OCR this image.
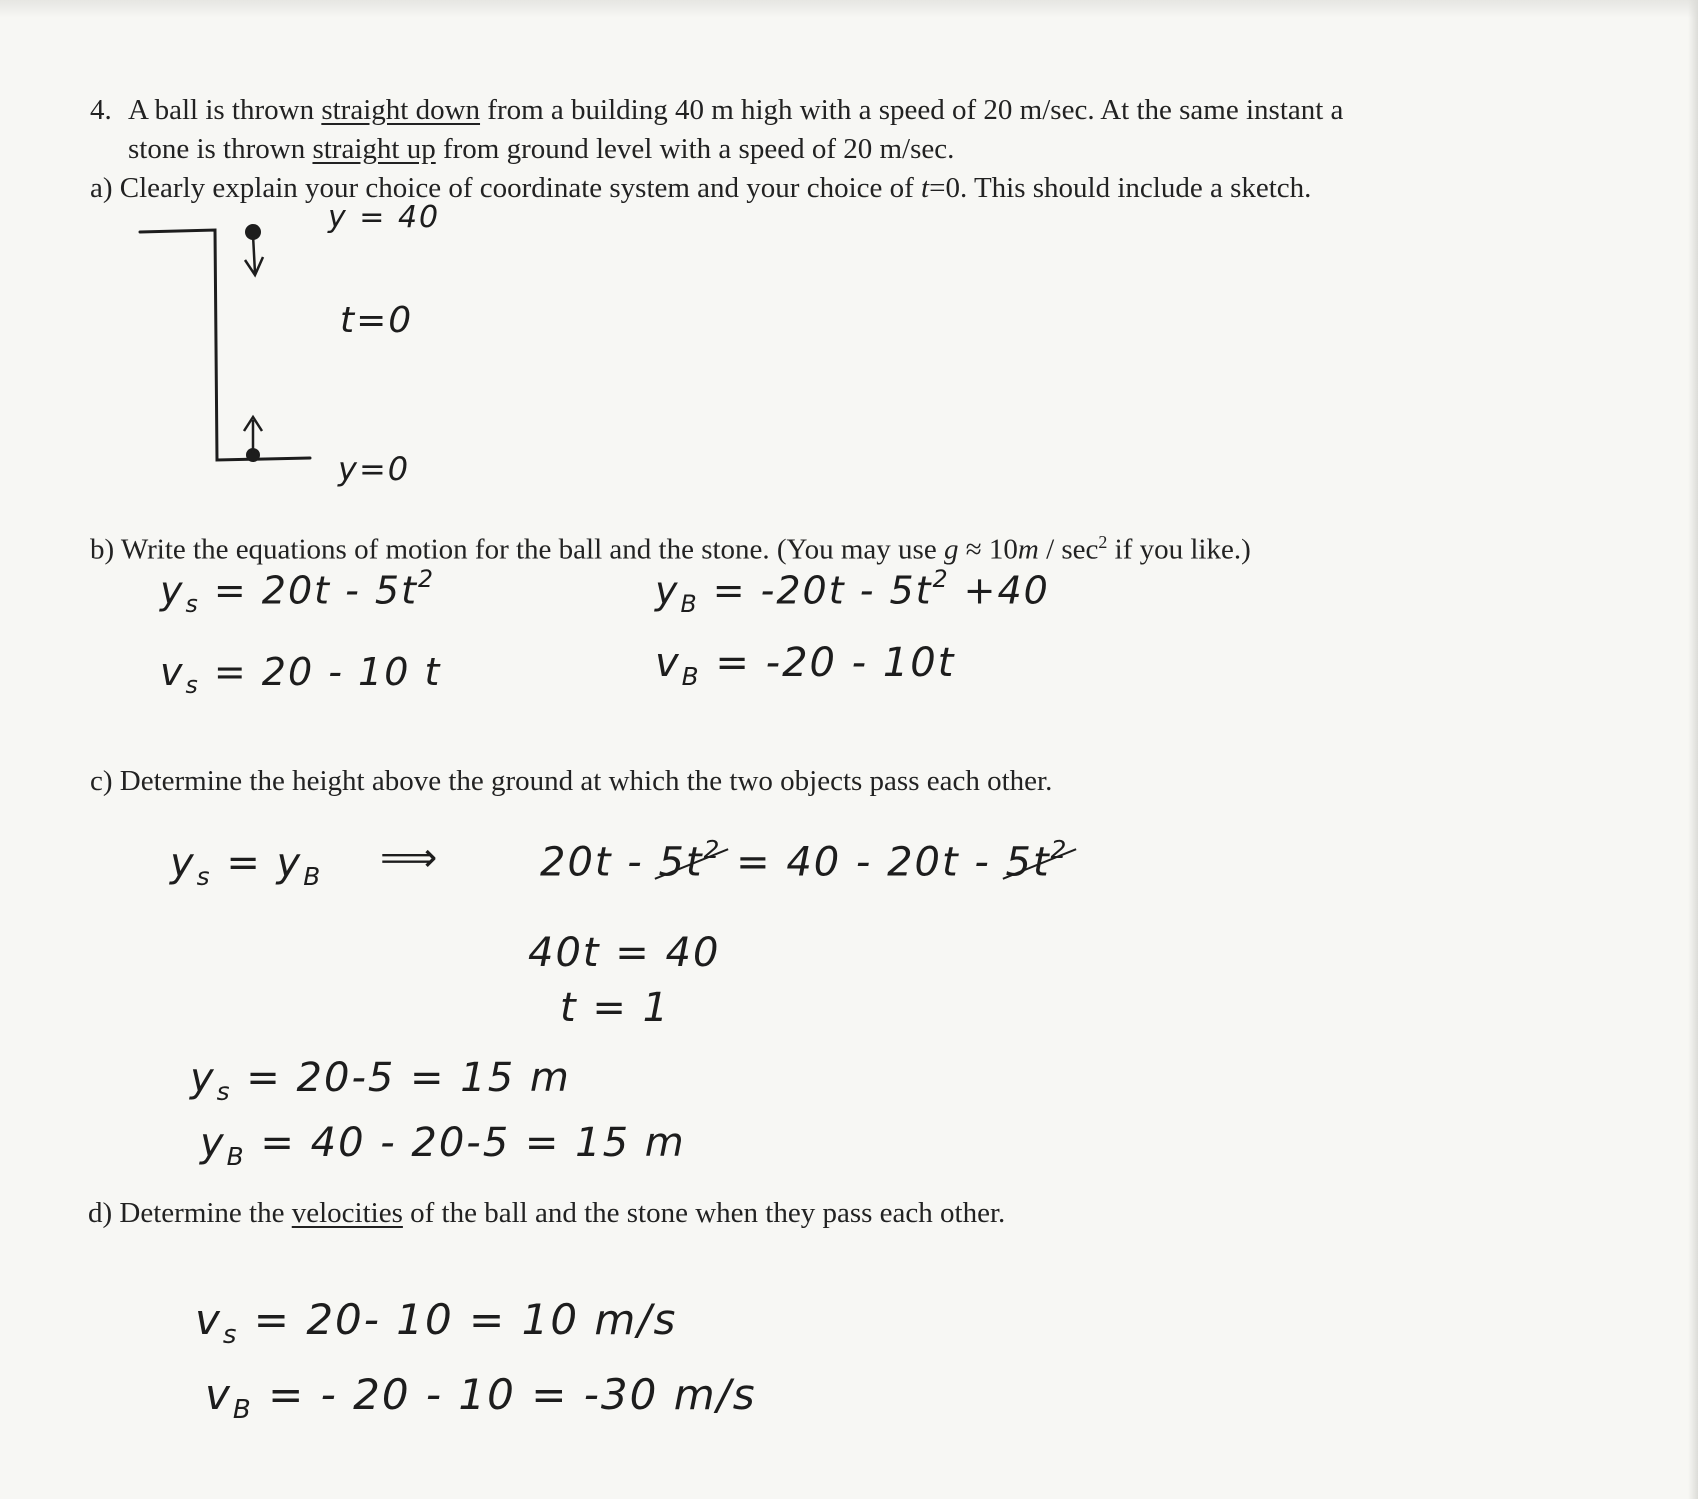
4. A ball is thrown straight down from a building 40 m high with a speed of 20 m/sec. At the same instant a
stone is thrown straight up from ground level with a speed of 20 m/sec.
a) Clearly explain your choice of coordinate system and your choice of t=0. This should include a sketch.
y = 40
t=0
y=0
b) Write the equations of motion for the ball and the stone. (You may use $g \approx 10m / \sec^2$ if you like.)
$y_s = 20t - 5t^2$
$v_s = 20 - 10$ t
$y_B = -20t - 5t^2 +40$
$v_B = -20 - 10t$
c) Determine the height above the ground at which the two objects pass each other.
$y_s = y_B$ ⟹	$20t - 5t^2 = 40 - 20t - 5t^2$
40t = 40
t = 1
$y_s = 20-5 = 15$ m
$y_B = 40 - 20-5 = 15$ m
d) Determine the velocities of the ball and the stone when they pass each other.
$v_s = 20-$ 10 = 10 m/s
$v_B$ = - 20 - 10 = -30 m/s
